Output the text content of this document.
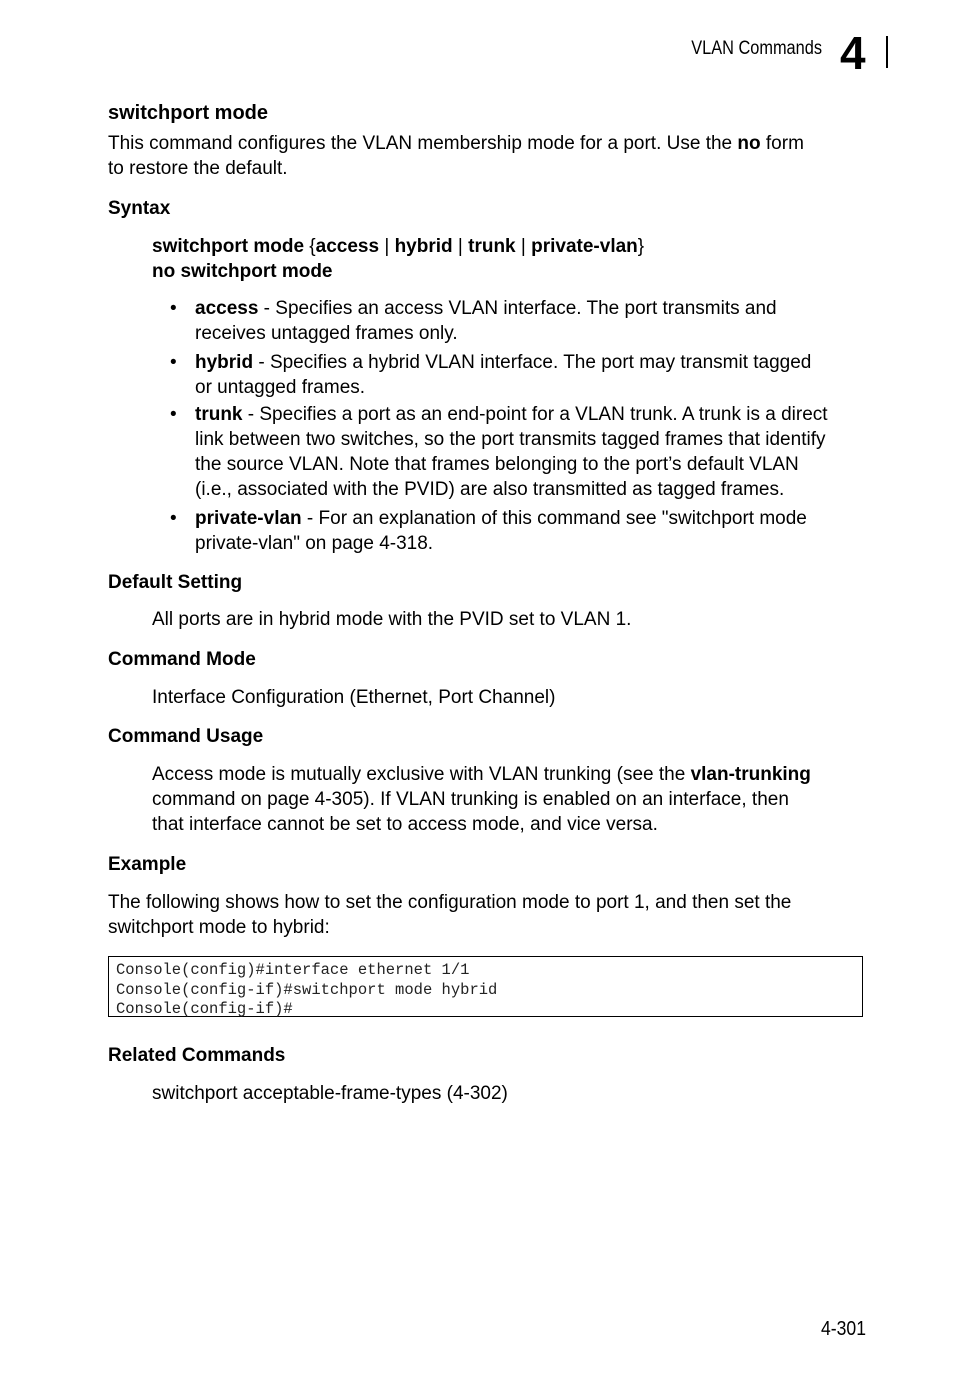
VLAN Commands 4
switchport mode
This command configures the VLAN membership mode for a port. Use the no form
to restore the default.
Syntax
switchport mode {access | hybrid | trunk | private-vlan}
no switchport mode
• access - Specifies an access VLAN interface. The port transmits and
receives untagged frames only.
• hybrid - Specifies a hybrid VLAN interface. The port may transmit tagged
or untagged frames.
• trunk - Specifies a port as an end-point for a VLAN trunk. A trunk is a direct
link between two switches, so the port transmits tagged frames that identify
the source VLAN. Note that frames belonging to the port’s default VLAN
(i.e., associated with the PVID) are also transmitted as tagged frames.
• private-vlan - For an explanation of this command see "switchport mode
private-vlan" on page 4-318.
Default Setting
All ports are in hybrid mode with the PVID set to VLAN 1.
Command Mode
Interface Configuration (Ethernet, Port Channel)
Command Usage
Access mode is mutually exclusive with VLAN trunking (see the vlan-trunking
command on page 4-305). If VLAN trunking is enabled on an interface, then
that interface cannot be set to access mode, and vice versa.
Example
The following shows how to set the configuration mode to port 1, and then set the
switchport mode to hybrid:
Console(config)#interface ethernet 1/1
Console(config-if)#switchport mode hybrid
Console(config-if)#
Related Commands
switchport acceptable-frame-types (4-302)
4-301
